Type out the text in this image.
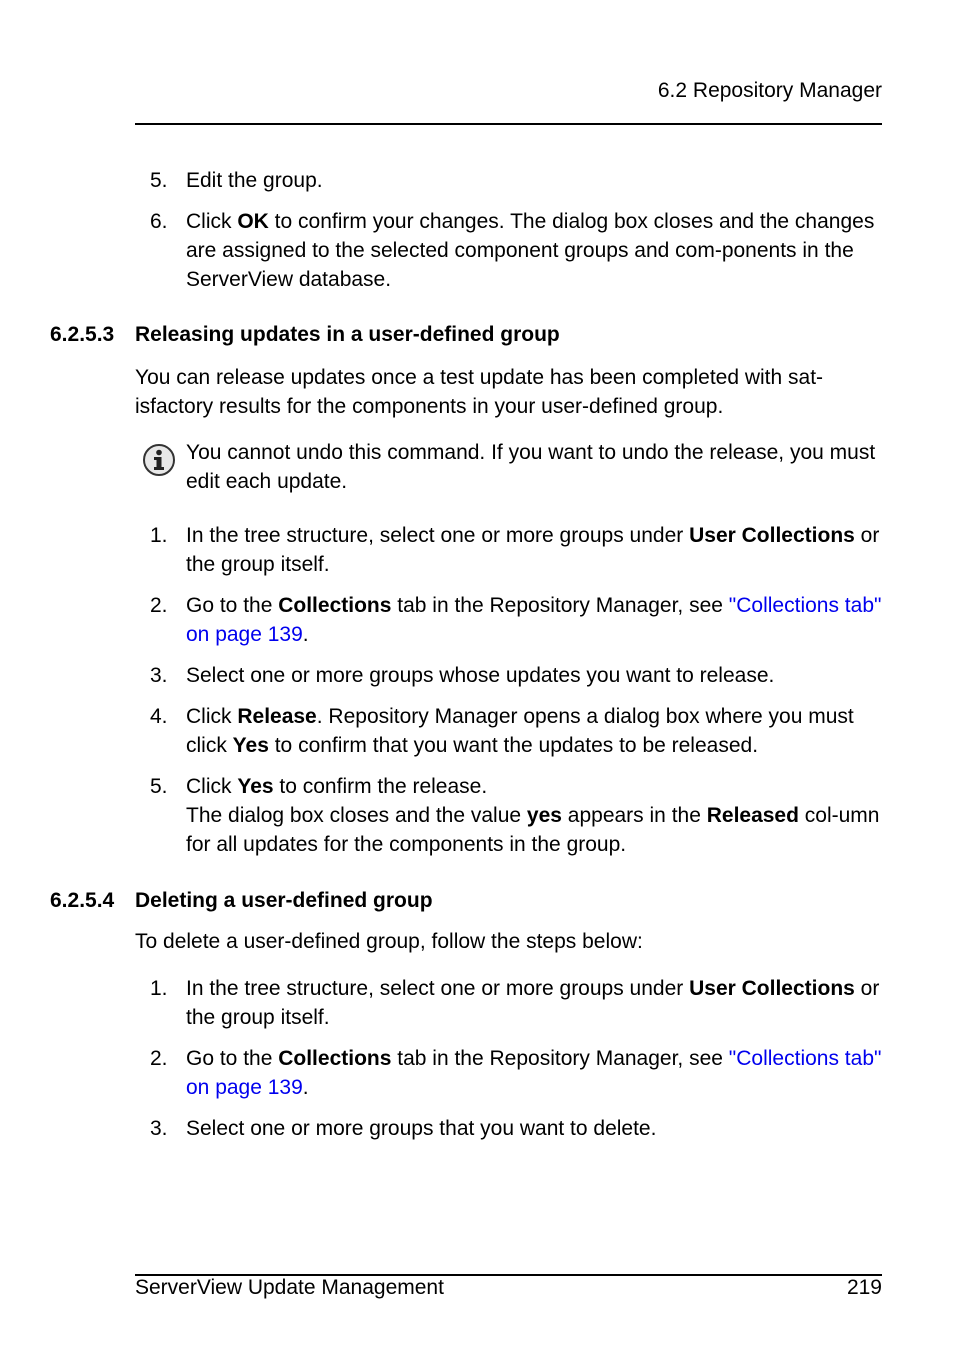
6.2 Repository Manager
5. Edit the group.
6. Click OK to confirm your changes. The dialog box closes and the changes are assigned to the selected component groups and com-ponents in the ServerView database.
6.2.5.3 Releasing updates in a user-defined group
You can release updates once a test update has been completed with sat-isfactory results for the components in your user-defined group.
You cannot undo this command. If you want to undo the release, you must edit each update.
1. In the tree structure, select one or more groups under User Collections or the group itself.
2. Go to the Collections tab in the Repository Manager, see "Collections tab" on page 139.
3. Select one or more groups whose updates you want to release.
4. Click Release. Repository Manager opens a dialog box where you must click Yes to confirm that you want the updates to be released.
5. Click Yes to confirm the release.
The dialog box closes and the value yes appears in the Released col-umn for all updates for the components in the group.
6.2.5.4 Deleting a user-defined group
To delete a user-defined group, follow the steps below:
1. In the tree structure, select one or more groups under User Collections or the group itself.
2. Go to the Collections tab in the Repository Manager, see "Collections tab" on page 139.
3. Select one or more groups that you want to delete.
ServerView Update Management	219
